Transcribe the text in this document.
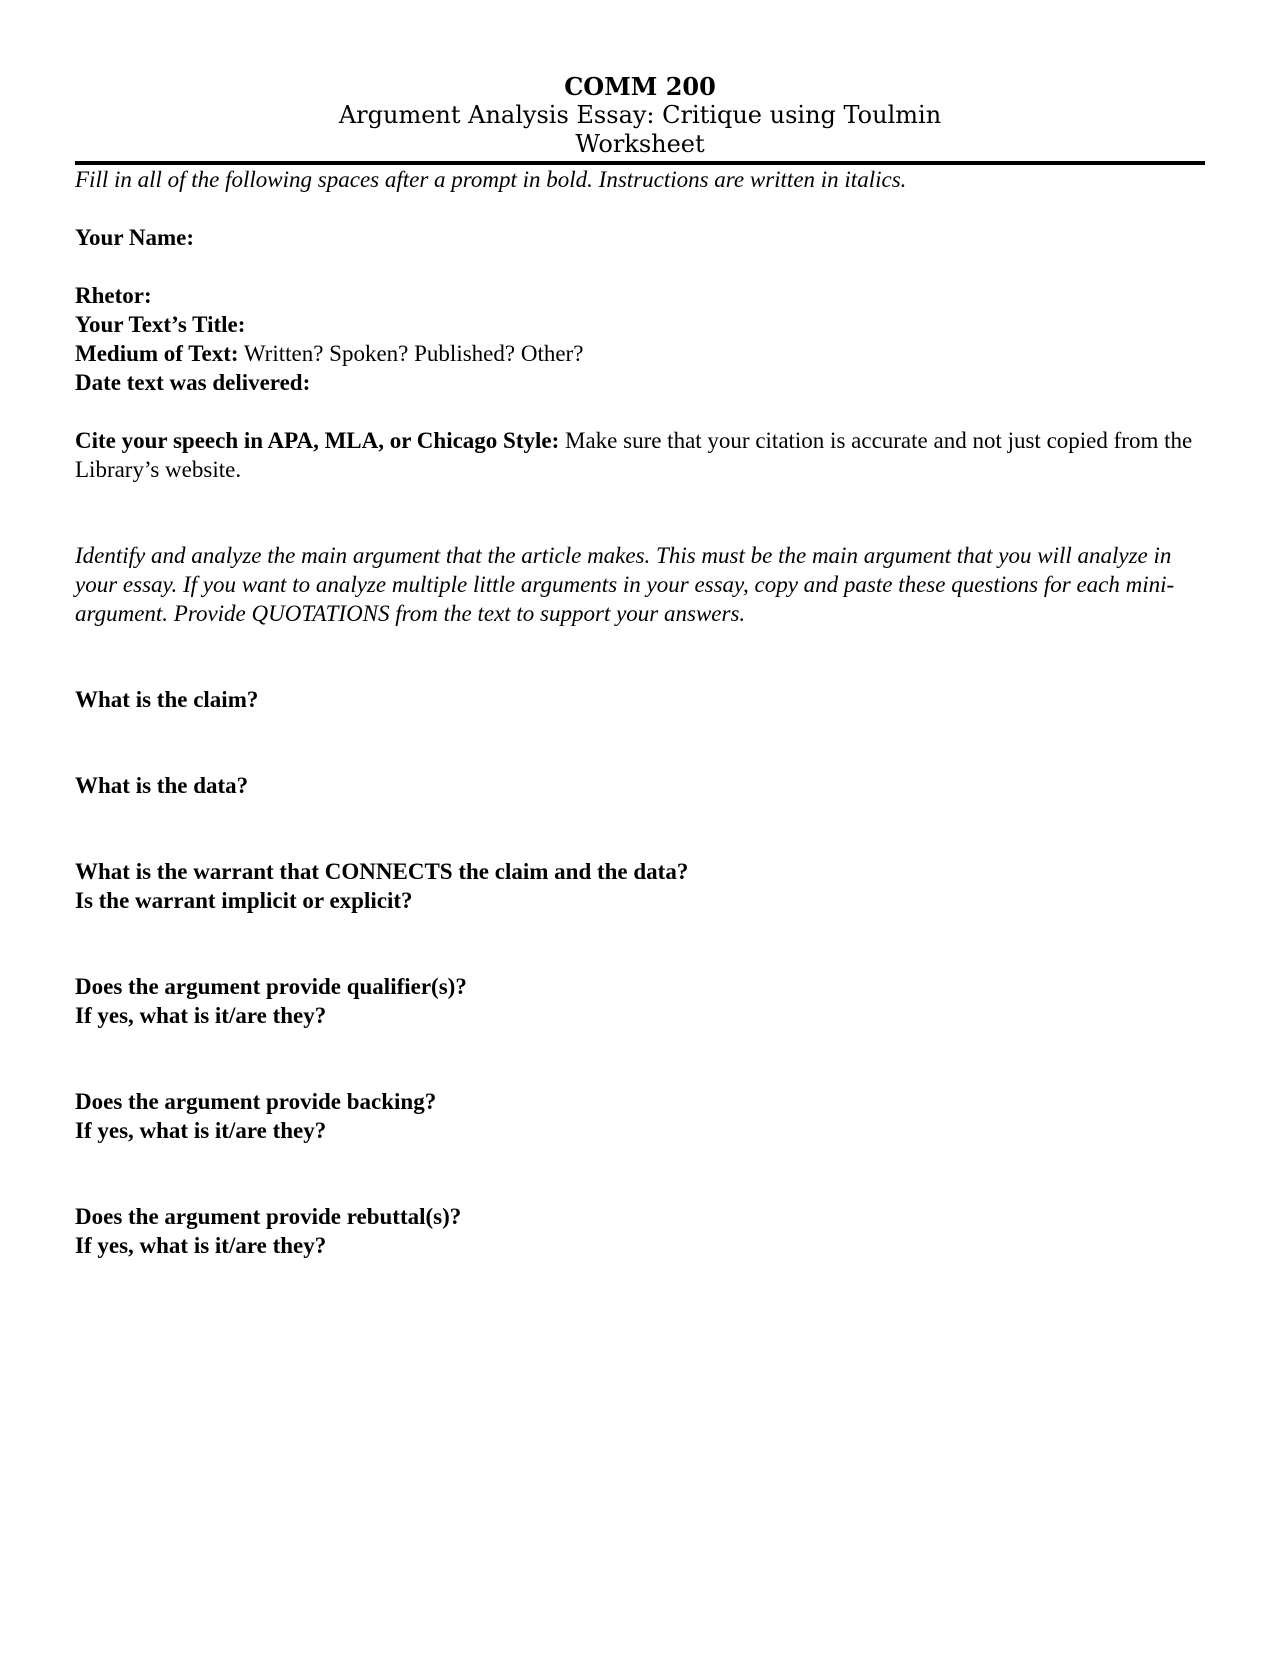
COMM 200
Argument Analysis Essay: Critique using Toulmin
Worksheet

Fill in all of the following spaces after a prompt in bold. Instructions are written in italics.

Your Name:

Rhetor:

Your Text’s Title:

Medium of Text: Written? Spoken? Published? Other?

Date text was delivered:

Cite your speech in APA, MLA, or Chicago Style: Make sure that your citation is accurate and not just copied from the Library’s website.

Identify and analyze the main argument that the article makes. This must be the main argument that you will analyze in your essay. If you want to analyze multiple little arguments in your essay, copy and paste these questions for each mini-argument. Provide QUOTATIONS from the text to support your answers.

What is the claim?

What is the data?

What is the warrant that CONNECTS the claim and the data?

Is the warrant implicit or explicit?

Does the argument provide qualifier(s)?

If yes, what is it/are they?

Does the argument provide backing?

If yes, what is it/are they?

Does the argument provide rebuttal(s)?

If yes, what is it/are they?
